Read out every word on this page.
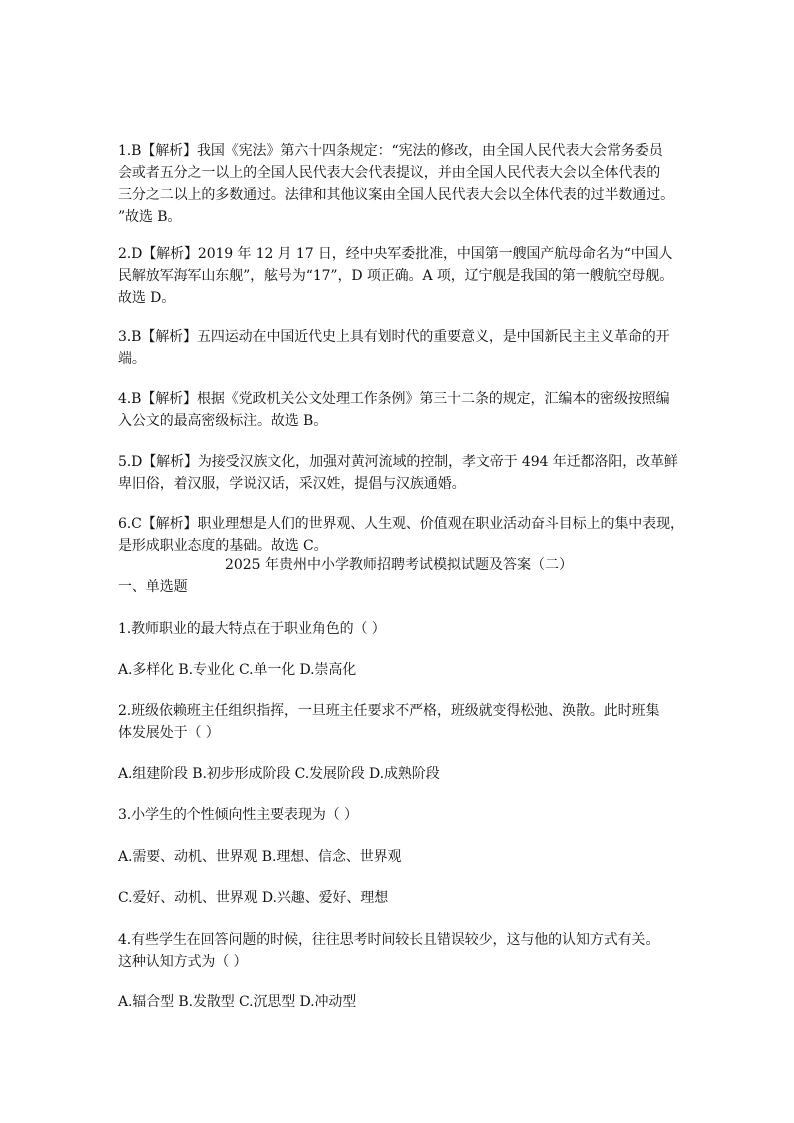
1.B【解析】我国《宪法》第六十四条规定：“宪法的修改，由全国人民代表大会常务委员
会或者五分之一以上的全国人民代表大会代表提议，并由全国人民代表大会以全体代表的
三分之二以上的多数通过。法律和其他议案由全国人民代表大会以全体代表的过半数通过。
”故选 B。
2.D【解析】2019 年 12 月 17 日，经中央军委批准，中国第一艘国产航母命名为“中国人
民解放军海军山东舰”，舷号为“17”，D 项正确。A 项，辽宁舰是我国的第一艘航空母舰。
故选 D。
3.B【解析】五四运动在中国近代史上具有划时代的重要意义，是中国新民主主义革命的开
端。
4.B【解析】根据《党政机关公文处理工作条例》第三十二条的规定，汇编本的密级按照编
入公文的最高密级标注。故选 B。
5.D【解析】为接受汉族文化，加强对黄河流域的控制，孝文帝于 494 年迁都洛阳，改革鲜
卑旧俗，着汉服，学说汉话，采汉姓，提倡与汉族通婚。
6.C【解析】职业理想是人们的世界观、人生观、价值观在职业活动奋斗目标上的集中表现，
是形成职业态度的基础。故选 C。
2025 年贵州中小学教师招聘考试模拟试题及答案（二）
一、单选题
1.教师职业的最大特点在于职业角色的（ ）
A.多样化 B.专业化 C.单一化 D.崇高化
2.班级依赖班主任组织指挥，一旦班主任要求不严格，班级就变得松弛、涣散。此时班集
体发展处于（ ）
A.组建阶段 B.初步形成阶段 C.发展阶段 D.成熟阶段
3.小学生的个性倾向性主要表现为（ ）
A.需要、动机、世界观 B.理想、信念、世界观
C.爱好、动机、世界观 D.兴趣、爱好、理想
4.有些学生在回答问题的时候，往往思考时间较长且错误较少，这与他的认知方式有关。
这种认知方式为（ ）
A.辐合型 B.发散型 C.沉思型 D.冲动型
